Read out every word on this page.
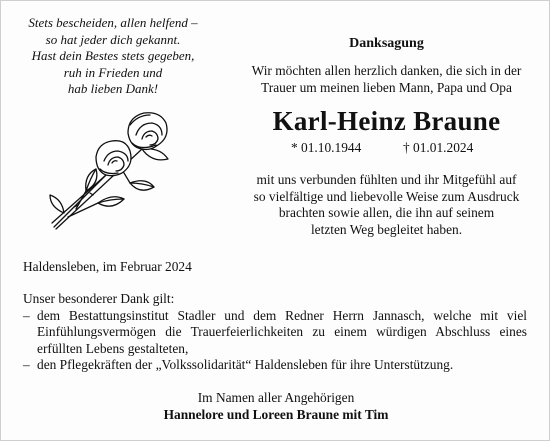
Stets bescheiden, allen helfend –
so hat jeder dich gekannt.
Hast dein Bestes stets gegeben,
ruh in Frieden und
hab lieben Dank!
Danksagung
Wir möchten allen herzlich danken, die sich in der
Trauer um meinen lieben Mann, Papa und Opa
Karl-Heinz Braune
* 01.10.1944	† 01.01.2024
mit uns verbunden fühlten und ihr Mitgefühl auf
so vielfältige und liebevolle Weise zum Ausdruck
brachten sowie allen, die ihn auf seinem
letzten Weg begleitet haben.
Haldensleben, im Februar 2024
Unser besonderer Dank gilt:
– dem Bestattungsinstitut Stadler und dem Redner Herrn Jannasch, welche mit viel
Einfühlungsvermögen die Trauerfeierlichkeiten zu einem würdigen Abschluss eines
erfüllten Lebens gestalteten,
– den Pflegekräften der „Volkssolidarität“ Haldensleben für ihre Unterstützung.
Im Namen aller Angehörigen
Hannelore und Loreen Braune mit Tim
